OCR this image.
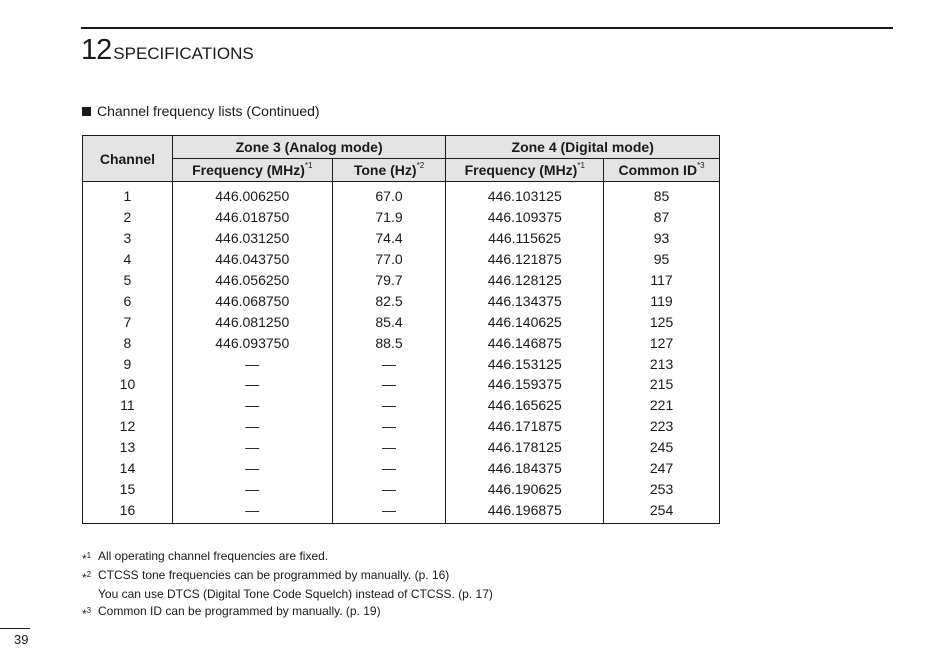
12 SPECIFICATIONS
Channel frequency lists (Continued)
Channel	Zone 3 (Analog mode)		Zone 4 (Digital mode)	
	Frequency (MHz)$^{*1}$	Tone $(Hz)^{*2}$	Frequency (MHz)$^{*1}$	Common ID$^{*3}$
1	446.006250	67.0	446.103125	85
2	446.018750	71.9	446.109375	87
3	446.031250	74.4	446.115625	93
4	446.043750	77.0	446.121875	95
5	446.056250	79.7	446.128125	117
6	446.068750	82.5	446.134375	119
7	446.081250	85.4	446.140625	125
8	446.093750	88.5	446.146875	127
9	—	—	446.153125	213
10	—	—	446.159375	215
11	—	—	446.165625	221
12	—	—	446.171875	223
13	—	—	446.178125	245
14	—	—	446.184375	247
15	—	—	446.190625	253
16	—	—	446.196875	254
*$^1$ All operating channel frequencies are fixed.
*$^2$ CTCSS tone frequencies can be programmed by manually. (p. 16)
You can use DTCS (Digital Tone Code Squelch) instead of CTCSS. (p. 17)
*$^3$ Common ID can be programmed by manually. (p. 19)
39
